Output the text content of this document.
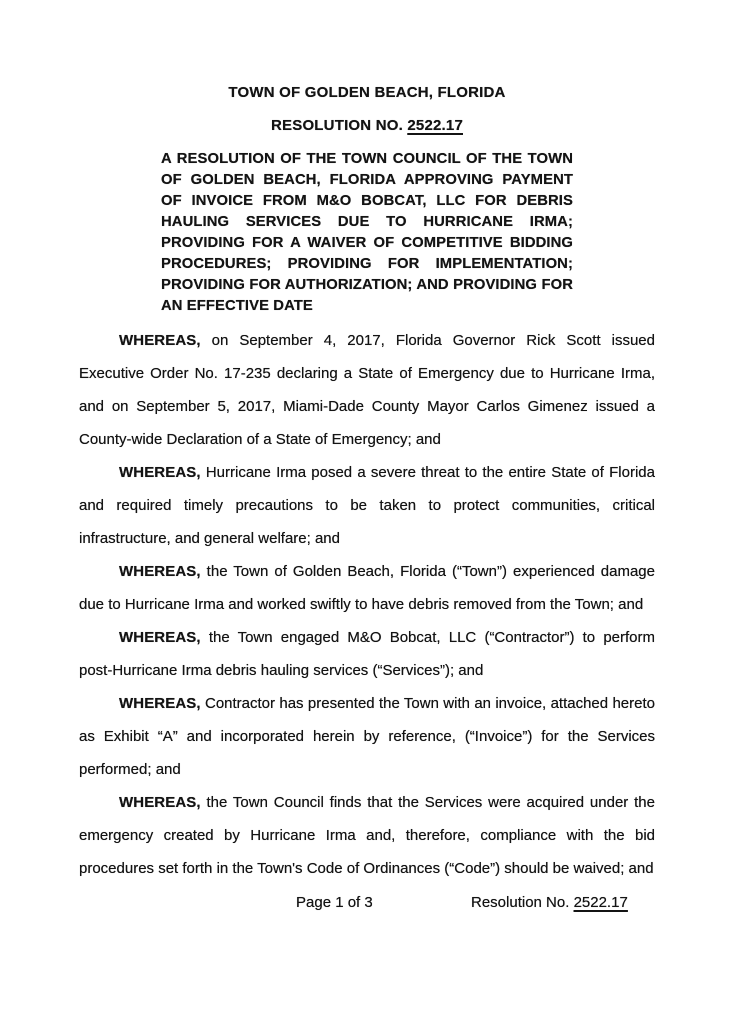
TOWN OF GOLDEN BEACH, FLORIDA
RESOLUTION NO. 2522.17
A RESOLUTION OF THE TOWN COUNCIL OF THE TOWN OF GOLDEN BEACH, FLORIDA APPROVING PAYMENT OF INVOICE FROM M&O BOBCAT, LLC FOR DEBRIS HAULING SERVICES DUE TO HURRICANE IRMA; PROVIDING FOR A WAIVER OF COMPETITIVE BIDDING PROCEDURES; PROVIDING FOR IMPLEMENTATION; PROVIDING FOR AUTHORIZATION; AND PROVIDING FOR AN EFFECTIVE DATE

WHEREAS, on September 4, 2017, Florida Governor Rick Scott issued Executive Order No. 17-235 declaring a State of Emergency due to Hurricane Irma, and on September 5, 2017, Miami-Dade County Mayor Carlos Gimenez issued a County-wide Declaration of a State of Emergency; and

WHEREAS, Hurricane Irma posed a severe threat to the entire State of Florida and required timely precautions to be taken to protect communities, critical infrastructure, and general welfare; and

WHEREAS, the Town of Golden Beach, Florida (“Town”) experienced damage due to Hurricane Irma and worked swiftly to have debris removed from the Town; and

WHEREAS, the Town engaged M&O Bobcat, LLC (“Contractor”) to perform post-Hurricane Irma debris hauling services (“Services”); and

WHEREAS, Contractor has presented the Town with an invoice, attached hereto as Exhibit “A” and incorporated herein by reference, (“Invoice”) for the Services performed; and

WHEREAS, the Town Council finds that the Services were acquired under the emergency created by Hurricane Irma and, therefore, compliance with the bid procedures set forth in the Town's Code of Ordinances (“Code”) should be waived; and

Page 1 of 3	Resolution No. 2522.17
